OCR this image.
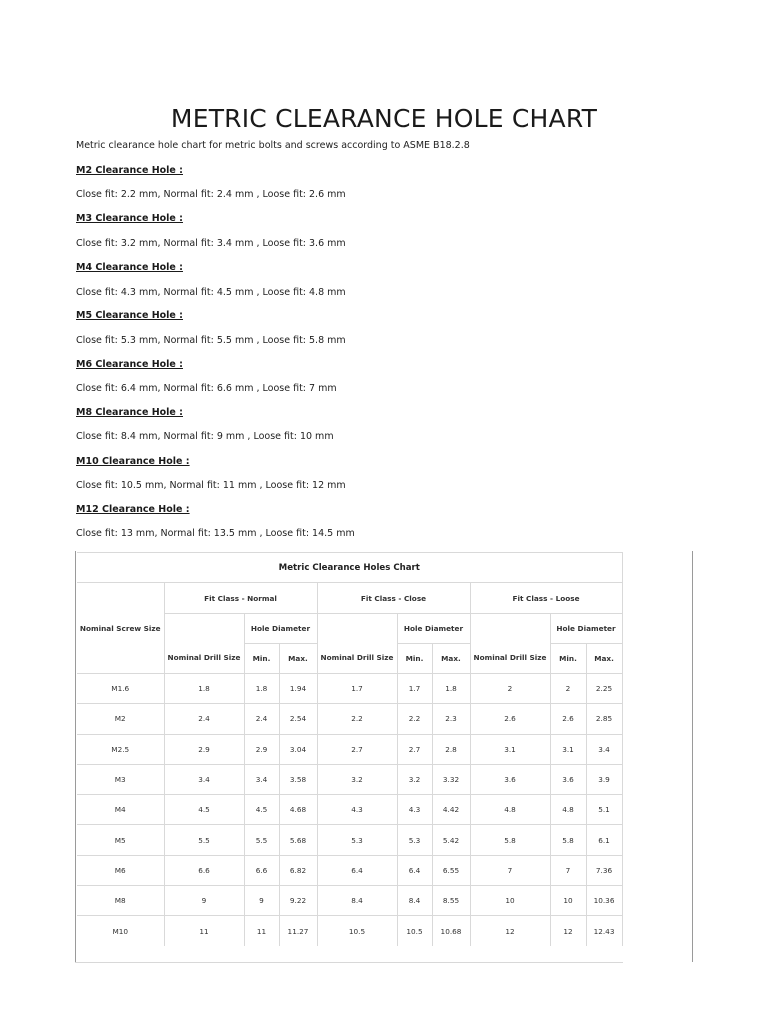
METRIC CLEARANCE HOLE CHART

Metric clearance hole chart for metric bolts and screws according to ASME B18.2.8

M2 Clearance Hole :
Close fit: 2.2 mm, Normal fit: 2.4 mm , Loose fit: 2.6 mm
M3 Clearance Hole :
Close fit: 3.2 mm, Normal fit: 3.4 mm , Loose fit: 3.6 mm
M4 Clearance Hole :
Close fit: 4.3 mm, Normal fit: 4.5 mm , Loose fit: 4.8 mm
M5 Clearance Hole :
Close fit: 5.3 mm, Normal fit: 5.5 mm , Loose fit: 5.8 mm
M6 Clearance Hole :
Close fit: 6.4 mm, Normal fit: 6.6 mm , Loose fit: 7 mm
M8 Clearance Hole :
Close fit: 8.4 mm, Normal fit: 9 mm , Loose fit: 10 mm
M10 Clearance Hole :
Close fit: 10.5 mm, Normal fit: 11 mm , Loose fit: 12 mm
M12 Clearance Hole :
Close fit: 13 mm, Normal fit: 13.5 mm , Loose fit: 14.5 mm
Metric Clearance Holes Chart									
Nominal Screw Size	Fit Class - Normal			Fit Class - Close			Fit Class - Loose		
	Nominal Drill Size	Hole Diameter		Nominal Drill Size	Hole Diameter		Nominal Drill Size	Hole Diameter	
		Min.	Max.		Min.	Max.		Min.	Max.
M1.6	1.8	1.8	1.94	1.7	1.7	1.8	2	2	2.25
M2	2.4	2.4	2.54	2.2	2.2	2.3	2.6	2.6	2.85
M2.5	2.9	2.9	3.04	2.7	2.7	2.8	3.1	3.1	3.4
M3	3.4	3.4	3.58	3.2	3.2	3.32	3.6	3.6	3.9
M4	4.5	4.5	4.68	4.3	4.3	4.42	4.8	4.8	5.1
M5	5.5	5.5	5.68	5.3	5.3	5.42	5.8	5.8	6.1
M6	6.6	6.6	6.82	6.4	6.4	6.55	7	7	7.36
M8	9	9	9.22	8.4	8.4	8.55	10	10	10.36
M10	11	11	11.27	10.5	10.5	10.68	12	12	12.43
